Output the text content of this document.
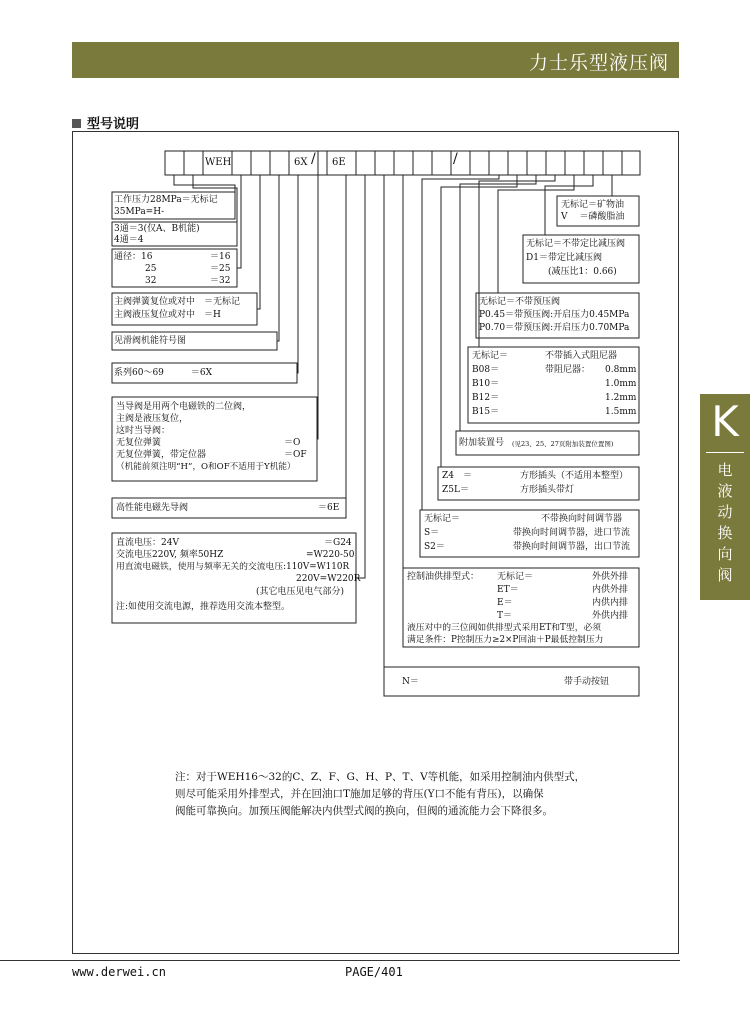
力士乐型液压阀
型号说明
WEH	6X / 6E	/
工作压力28MPa＝无标记
35MPa=H-
3通＝3(仅A、B机能)
4通＝4
通径：16	＝16
25	＝25
32	＝32
主阀弹簧复位或对中　＝无标记
主阀液压复位或对中　＝H
见滑阀机能符号图
系列60～69　　　＝6X
当导阀是用两个电磁铁的二位阀，
主阀是液压复位，
这时当导阀：
无复位弹簧	＝O
无复位弹簧，带定位器	＝OF
（机能前须注明“H”，O和OF不适用于Y机能）
高性能电磁先导阀	＝6E
直流电压：24V	＝G24
交流电压220V, 频率50HZ	=W220-50
用直流电磁铁，使用与频率无关的交流电压:110V=W110R
220V=W220R
(其它电压见电气部分)
注:如使用交流电源，推荐选用交流本整型。
无标记＝矿物油
V　 ＝磷酸脂油
无标记＝不带定比减压阀
D1＝带定比减压阀
(减压比1：0.66)
无标记＝不带预压阀
P0.45＝带预压阀:开启压力0.45MPa
P0.70＝带预压阀:开启压力0.70MPa
无标记＝	不带插入式阻尼器
B08＝	带阻尼器： 0.8mm
B10＝	1.0mm
B12＝	1.2mm
B15＝	1.5mm
附加装置号 (见23、25、27页附加装置位置图)
Z4　＝	方形插头（不适用本整型）
Z5L＝	方形插头带灯
无标记＝	不带换向时间调节器
S＝	带换向时间调节器，进口节流
S2＝	带换向时间调节器，出口节流
控制油供排型式： 无标记＝	外供外排
ET＝	内供外排
E＝	内供内排
T＝	外供内排
液压对中的三位阀如供排型式采用ET和T型，必须
满足条件：P控制压力≥2×P回油＋P最低控制压力
N＝	带手动按钮
注：对于WEH16～32的C、Z、F、G、H、P、T、V等机能，如采用控制油内供型式，
则尽可能采用外排型式，并在回油口T施加足够的背压(Y口不能有背压)，以确保
阀能可靠换向。加预压阀能解决内供型式阀的换向，但阀的通流能力会下降很多。
K
电
液
动
换
向
阀
www.derwei.cn	PAGE/401
